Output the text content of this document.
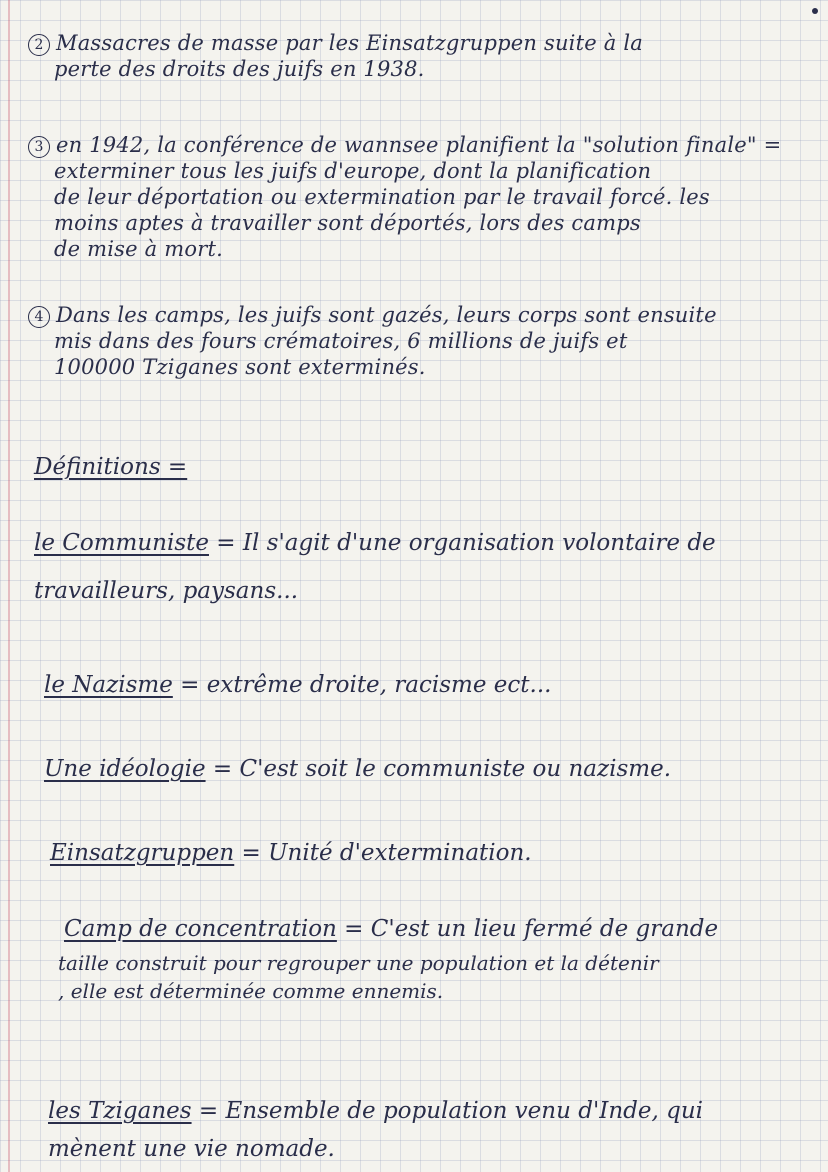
2 Massacres de masse par les Einsatzgruppen suite à la
perte des droits des juifs en 1938.
3 en 1942, la conférence de wannsee planifient la "solution finale" =
exterminer tous les juifs d'europe, dont la planification
de leur déportation ou extermination par le travail forcé. les
moins aptes à travailler sont déportés, lors des camps
de mise à mort.
4 Dans les camps, les juifs sont gazés, leurs corps sont ensuite
mis dans des fours crématoires, 6 millions de juifs et
100000 Tziganes sont exterminés.
Définitions =
le Communiste = Il s'agit d'une organisation volontaire de
travailleurs, paysans...
le Nazisme = extrême droite, racisme ect...
Une idéologie = C'est soit le communiste ou nazisme.
Einsatzgruppen = Unité d'extermination.
Camp de concentration = C'est un lieu fermé de grande
taille construit pour regrouper une population et la détenir
, elle est déterminée comme ennemis.
les Tziganes = Ensemble de population venu d'Inde, qui
mènent une vie nomade.
